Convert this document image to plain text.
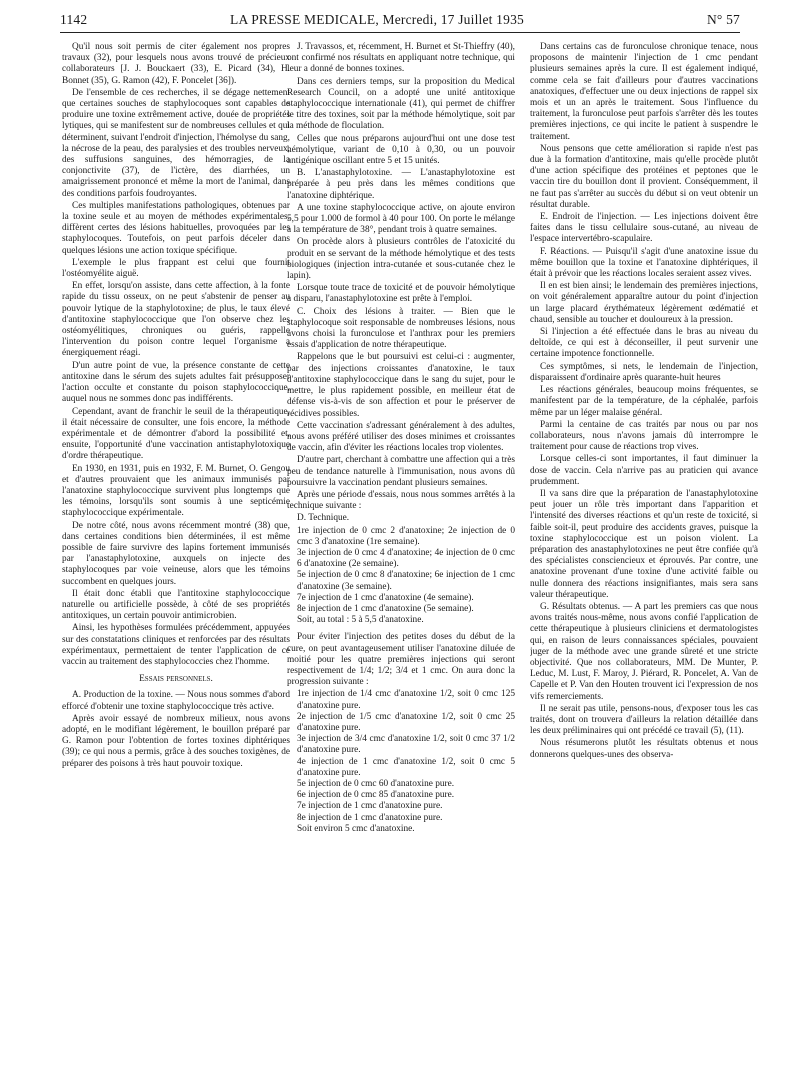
1142	LA PRESSE MEDICALE, Mercredi, 17 Juillet 1935	N° 57

Qu'il nous soit permis de citer également nos propres travaux (32), pour lesquels nous avons trouvé de précieux collaborateurs [J. J. Bouckaert (33), E. Picard (34), H. Bonnet (35), G. Ramon (42), F. Poncelet [36]).

De l'ensemble de ces recherches, il se dégage nettement que certaines souches de staphylocoques sont capables de produire une toxine extrêmement active, douée de propriétés lytiques, qui se manifestent sur de nombreuses cellules et qui déterminent, suivant l'endroit d'injection, l'hémolyse du sang, la nécrose de la peau, des paralysies et des troubles nerveux, des suffusions sanguines, des hémorragies, de la conjonctivite (37), de l'ictère, des diarrhées, un amaigrissement prononcé et même la mort de l'animal, dans des conditions parfois foudroyantes.

Ces multiples manifestations pathologiques, obtenues par la toxine seule et au moyen de méthodes expérimentales, diffèrent certes des lésions habituelles, provoquées par les staphylocoques. Toutefois, on peut parfois déceler dans quelques lésions une action toxique spécifique.

L'exemple le plus frappant est celui que fournit l'ostéomyélite aiguë.

En effet, lorsqu'on assiste, dans cette affection, à la fonte rapide du tissu osseux, on ne peut s'abstenir de penser au pouvoir lytique de la staphylotoxine; de plus, le taux élevé d'antitoxine staphylococcique que l'on observe chez les ostéomyélitiques, chroniques ou guéris, rappelle l'intervention du poison contre lequel l'organisme a énergiquement réagi.

D'un autre point de vue, la présence constante de cette antitoxine dans le sérum des sujets adultes fait présupposer l'action occulte et constante du poison staphylococcique, auquel nous ne sommes donc pas indifférents.

Cependant, avant de franchir le seuil de la thérapeutique, il était nécessaire de consulter, une fois encore, la méthode expérimentale et de démontrer d'abord la possibilité et, ensuite, l'opportunité d'une vaccination antistaphylotoxique d'ordre thérapeutique.

En 1930, en 1931, puis en 1932, F. M. Burnet, O. Gengou et d'autres prouvaient que les animaux immunisés par l'anatoxine staphylococcique survivent plus longtemps que les témoins, lorsqu'ils sont soumis à une septicémie staphylococcique expérimentale.

De notre côté, nous avons récemment montré (38) que, dans certaines conditions bien déterminées, il est même possible de faire survivre des lapins fortement immunisés par l'anastaphylotoxine, auxquels on injecte des staphylocoques par voie veineuse, alors que les témoins succombent en quelques jours.

Il était donc établi que l'antitoxine staphylococcique naturelle ou artificielle possède, à côté de ses propriétés antitoxiques, un certain pouvoir antimicrobien.

Ainsi, les hypothèses formulées précédemment, appuyées sur des constatations cliniques et renforcées par des résultats expérimentaux, permettaient de tenter l'application de ce vaccin au traitement des staphylococcies chez l'homme.

Essais personnels.

A. Production de la toxine. — Nous nous sommes d'abord efforcé d'obtenir une toxine staphylococcique très active.

Après avoir essayé de nombreux milieux, nous avons adopté, en le modifiant légèrement, le bouillon préparé par G. Ramon pour l'obtention de fortes toxines diphtériques (39); ce qui nous a permis, grâce à des souches toxigènes, de préparer des poisons à très haut pouvoir toxique.

J. Travassos, et, récemment, H. Burnet et St-Thieffry (40), ont confirmé nos résultats en appliquant notre technique, qui leur a donné de bonnes toxines.

Dans ces derniers temps, sur la proposition du Medical Research Council, on a adopté une unité antitoxique staphylococcique internationale (41), qui permet de chiffrer le titre des toxines, soit par la méthode hémolytique, soit par la méthode de floculation.

Celles que nous préparons aujourd'hui ont une dose test hémolytique, variant de 0,10 à 0,30, ou un pouvoir antigénique oscillant entre 5 et 15 unités.

B. L'anastaphylotoxine. — L'anastaphylotoxine est préparée à peu près dans les mêmes conditions que l'anatoxine diphtérique.

A une toxine staphylococcique active, on ajoute environ 5,5 pour 1.000 de formol à 40 pour 100. On porte le mélange à la température de 38°, pendant trois à quatre semaines.

On procède alors à plusieurs contrôles de l'atoxicité du produit en se servant de la méthode hémolytique et des tests biologiques (injection intra-cutanée et sous-cutanée chez le lapin).

Lorsque toute trace de toxicité et de pouvoir hémolytique a disparu, l'anastaphylotoxine est prête à l'emploi.

C. Choix des lésions à traiter. — Bien que le staphylocoque soit responsable de nombreuses lésions, nous avons choisi la furonculose et l'anthrax pour les premiers essais d'application de notre thérapeutique.

Rappelons que le but poursuivi est celui-ci : augmenter, par des injections croissantes d'anatoxine, le taux d'antitoxine staphylococcique dans le sang du sujet, pour le mettre, le plus rapidement possible, en meilleur état de défense vis-à-vis de son affection et pour le préserver de récidives possibles.

Cette vaccination s'adressant généralement à des adultes, nous avons préféré utiliser des doses minimes et croissantes de vaccin, afin d'éviter les réactions locales trop violentes.

D'autre part, cherchant à combattre une affection qui a très peu de tendance naturelle à l'immunisation, nous avons dû poursuivre la vaccination pendant plusieurs semaines.

Après une période d'essais, nous nous sommes arrêtés à la technique suivante :

D. Technique.

1re injection de 0 cmc 2 d'anatoxine; 2e injection de 0 cmc 3 d'anatoxine (1re semaine).

3e injection de 0 cmc 4 d'anatoxine; 4e injection de 0 cmc 6 d'anatoxine (2e semaine).

5e injection de 0 cmc 8 d'anatoxine; 6e injection de 1 cmc d'anatoxine (3e semaine).

7e injection de 1 cmc d'anatoxine (4e semaine).

8e injection de 1 cmc d'anatoxine (5e semaine).

Soit, au total : 5 à 5,5 d'anatoxine.

Pour éviter l'injection des petites doses du début de la cure, on peut avantageusement utiliser l'anatoxine diluée de moitié pour les quatre premières injections qui seront respectivement de 1/4; 1/2; 3/4 et 1 cmc. On aura donc la progression suivante :

1re injection de 1/4 cmc d'anatoxine 1/2, soit 0 cmc 125 d'anatoxine pure.

2e injection de 1/5 cmc d'anatoxine 1/2, soit 0 cmc 25 d'anatoxine pure.

3e injection de 3/4 cmc d'anatoxine 1/2, soit 0 cmc 37 1/2 d'anatoxine pure.

4e injection de 1 cmc d'anatoxine 1/2, soit 0 cmc 5 d'anatoxine pure.

5e injection de 0 cmc 60 d'anatoxine pure.

6e injection de 0 cmc 85 d'anatoxine pure.

7e injection de 1 cmc d'anatoxine pure.

8e injection de 1 cmc d'anatoxine pure.

Soit environ 5 cmc d'anatoxine.

Dans certains cas de furonculose chronique tenace, nous proposons de maintenir l'injection de 1 cmc pendant plusieurs semaines après la cure. Il est également indiqué, comme cela se fait d'ailleurs pour d'autres vaccinations anatoxiques, d'effectuer une ou deux injections de rappel six mois et un an après le traitement. Sous l'influence du traitement, la furonculose peut parfois s'arrêter dès les toutes premières injections, ce qui incite le patient à suspendre le traitement.

Nous pensons que cette amélioration si rapide n'est pas due à la formation d'antitoxine, mais qu'elle procède plutôt d'une action spécifique des protéines et peptones que le vaccin tire du bouillon dont il provient. Conséquemment, il ne faut pas s'arrêter au succès du début si on veut obtenir un résultat durable.

E. Endroit de l'injection. — Les injections doivent être faites dans le tissu cellulaire sous-cutané, au niveau de l'espace intervertébro-scapulaire.

F. Réactions. — Puisqu'il s'agit d'une anatoxine issue du même bouillon que la toxine et l'anatoxine diphtériques, il était à prévoir que les réactions locales seraient assez vives.

Il en est bien ainsi; le lendemain des premières injections, on voit généralement apparaître autour du point d'injection un large placard érythémateux légèrement œdématié et chaud, sensible au toucher et douloureux à la pression.

Si l'injection a été effectuée dans le bras au niveau du deltoïde, ce qui est à déconseiller, il peut survenir une certaine impotence fonctionnelle.

Ces symptômes, si nets, le lendemain de l'injection, disparaissent d'ordinaire après quarante-huit heures

Les réactions générales, beaucoup moins fréquentes, se manifestent par de la température, de la céphalée, parfois même par un léger malaise général.

Parmi la centaine de cas traités par nous ou par nos collaborateurs, nous n'avons jamais dû interrompre le traitement pour cause de réactions trop vives.

Lorsque celles-ci sont importantes, il faut diminuer la dose de vaccin. Cela n'arrive pas au praticien qui avance prudemment.

Il va sans dire que la préparation de l'anastaphylotoxine peut jouer un rôle très important dans l'apparition et l'intensité des diverses réactions et qu'un reste de toxicité, si faible soit-il, peut produire des accidents graves, puisque la toxine staphylococcique est un poison violent. La préparation des anastaphylotoxines ne peut être confiée qu'à des spécialistes consciencieux et éprouvés. Par contre, une anatoxine provenant d'une toxine d'une activité faible ou nulle donnera des réactions insignifiantes, mais sera sans valeur thérapeutique.

G. Résultats obtenus. — A part les premiers cas que nous avons traités nous-même, nous avons confié l'application de cette thérapeutique à plusieurs cliniciens et dermatologistes qui, en raison de leurs connaissances spéciales, pouvaient juger de la méthode avec une grande sûreté et une stricte objectivité. Que nos collaborateurs, MM. De Munter, P. Leduc, M. Lust, F. Maroy, J. Piérard, R. Poncelet, A. Van de Capelle et P. Van den Houten trouvent ici l'expression de nos vifs remerciements.

Il ne serait pas utile, pensons-nous, d'exposer tous les cas traités, dont on trouvera d'ailleurs la relation détaillée dans les deux préliminaires qui ont précédé ce travail (5), (11).

Nous résumerons plutôt les résultats obtenus et nous donnerons quelques-unes des observa-
